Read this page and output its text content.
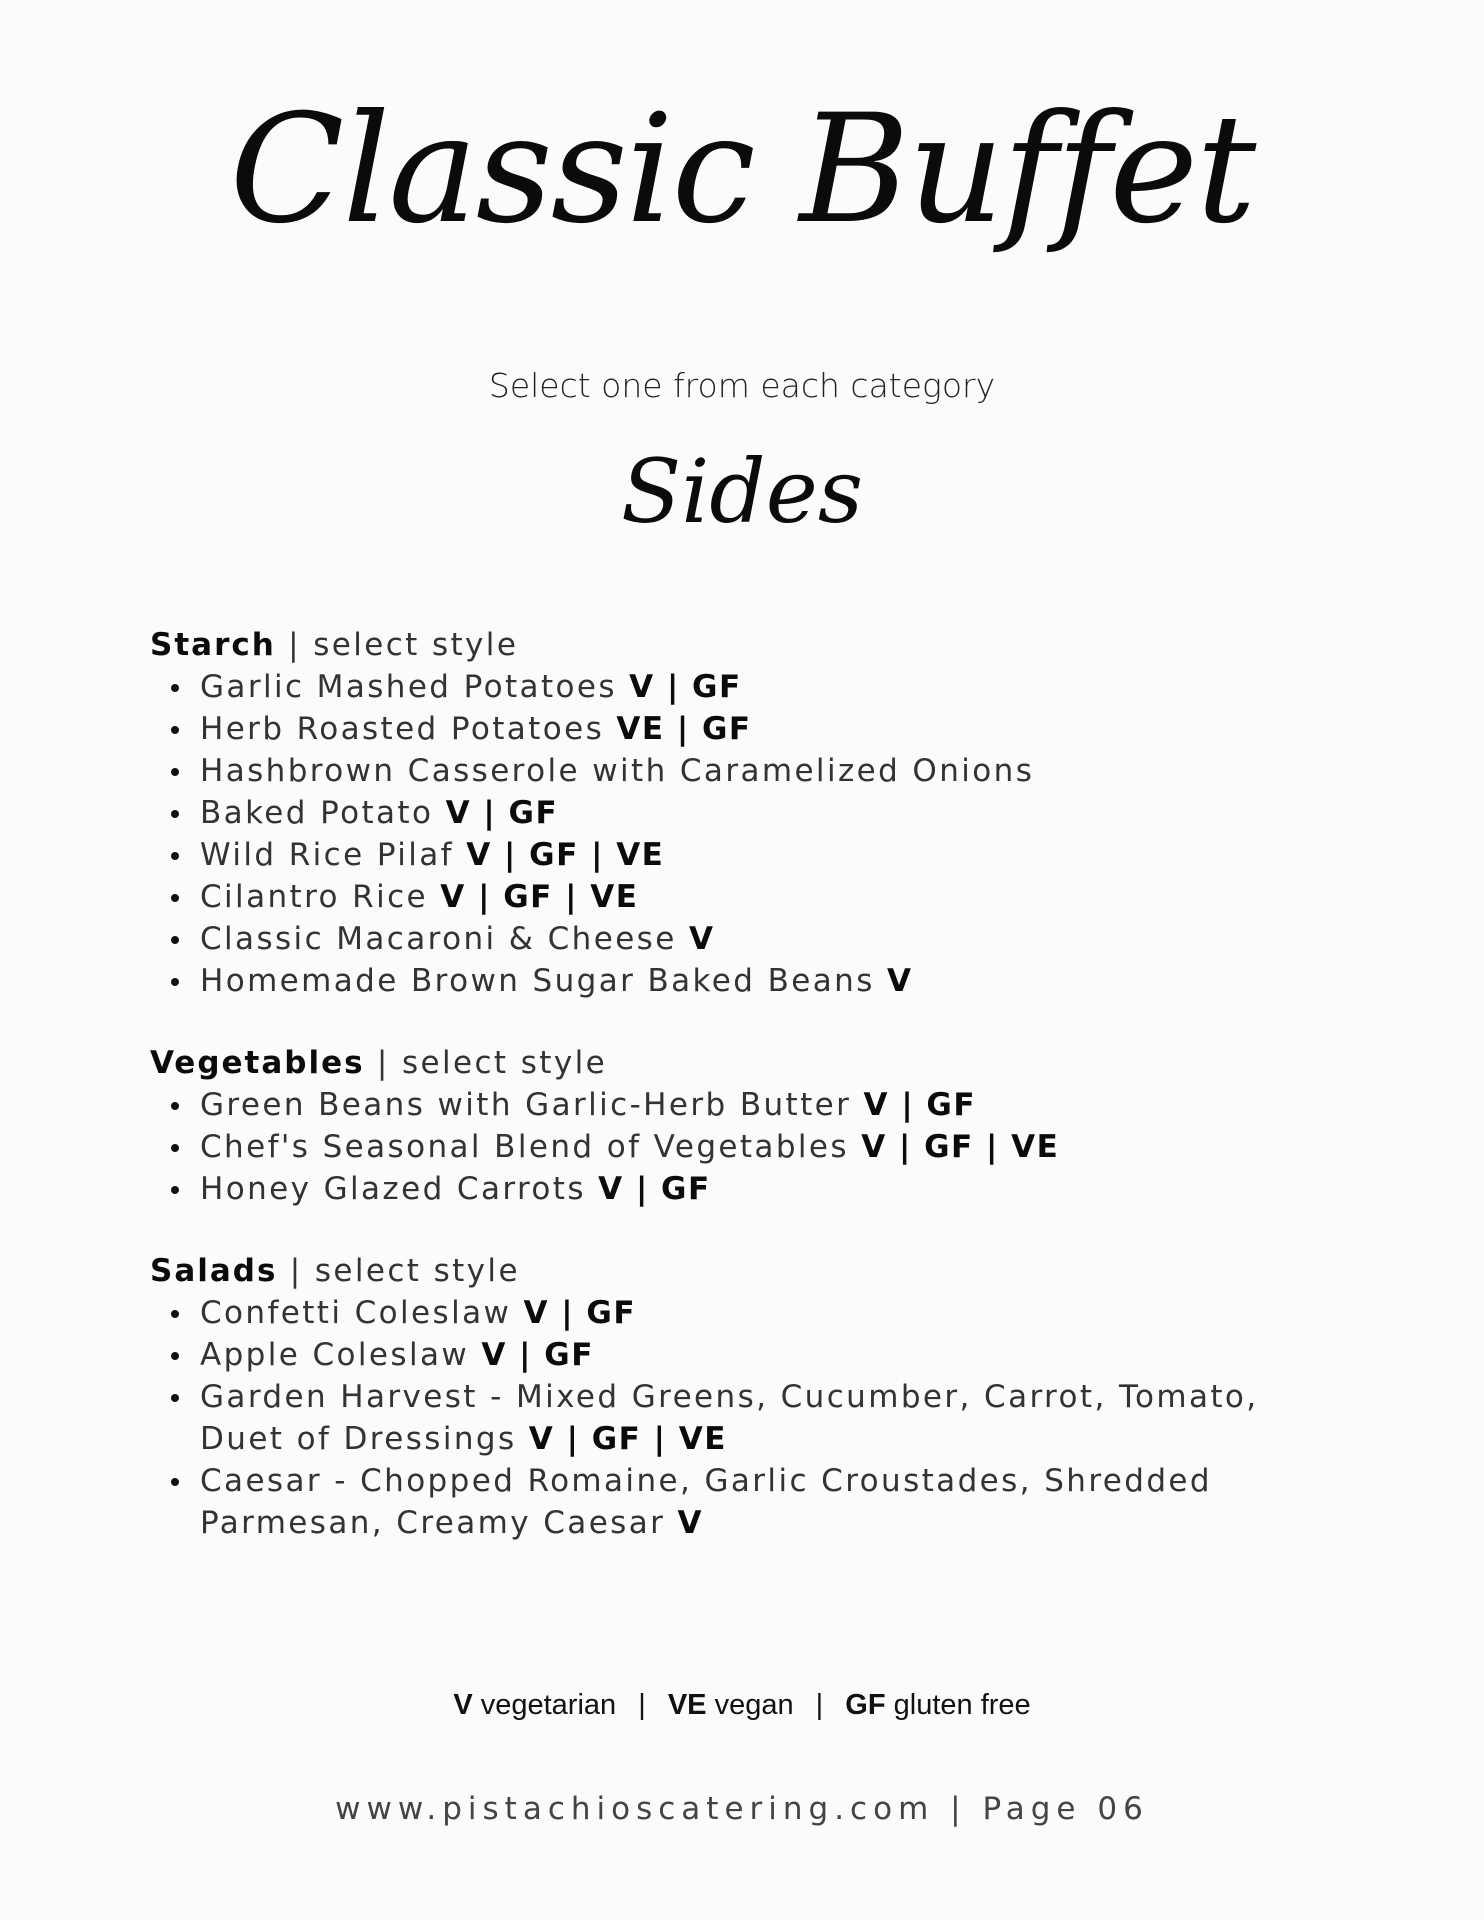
Classic Buffet
Select one from each category
Sides
Starch | select style
Garlic Mashed Potatoes V | GF
Herb Roasted Potatoes VE | GF
Hashbrown Casserole with Caramelized Onions
Baked Potato V | GF
Wild Rice Pilaf V | GF | VE
Cilantro Rice V | GF | VE
Classic Macaroni & Cheese V
Homemade Brown Sugar Baked Beans V
Vegetables | select style
Green Beans with Garlic-Herb Butter V | GF
Chef's Seasonal Blend of Vegetables V | GF | VE
Honey Glazed Carrots V | GF
Salads | select style
Confetti Coleslaw V | GF
Apple Coleslaw V | GF
Garden Harvest - Mixed Greens, Cucumber, Carrot, Tomato, Duet of Dressings V | GF | VE
Caesar - Chopped Romaine, Garlic Croustades, Shredded Parmesan, Creamy Caesar V
V vegetarian | VE vegan | GF gluten free
www.pistachioscatering.com | Page 06
